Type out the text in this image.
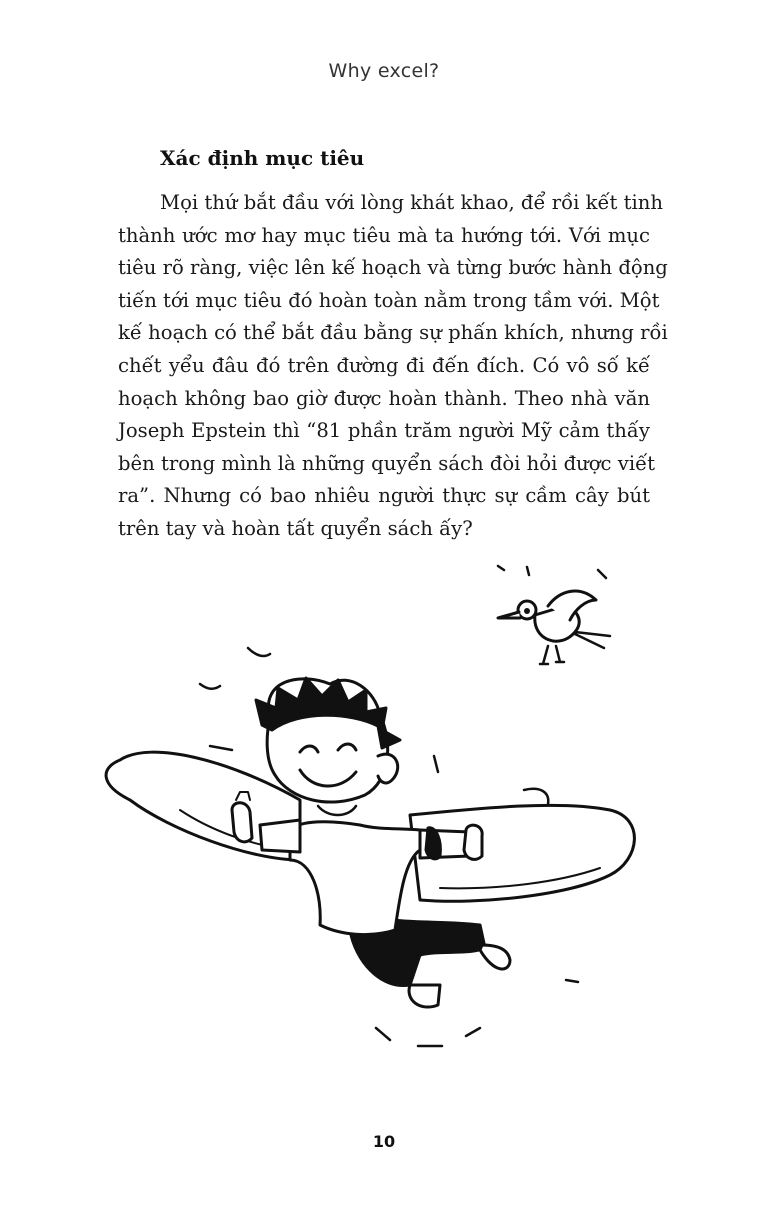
Why excel?
Xác định mục tiêu

Mọi thứ bắt đầu với lòng khát khao, để rồi kết tinh
thành ước mơ hay mục tiêu mà ta hướng tới. Với mục
tiêu rõ ràng, việc lên kế hoạch và từng bước hành động
tiến tới mục tiêu đó hoàn toàn nằm trong tầm với. Một
kế hoạch có thể bắt đầu bằng sự phấn khích, nhưng rồi
chết yểu đâu đó trên đường đi đến đích. Có vô số kế
hoạch không bao giờ được hoàn thành. Theo nhà văn
Joseph Epstein thì “81 phần trăm người Mỹ cảm thấy
bên trong mình là những quyển sách đòi hỏi được viết
ra”. Nhưng có bao nhiêu người thực sự cầm cây bút
trên tay và hoàn tất quyển sách ấy?

10
